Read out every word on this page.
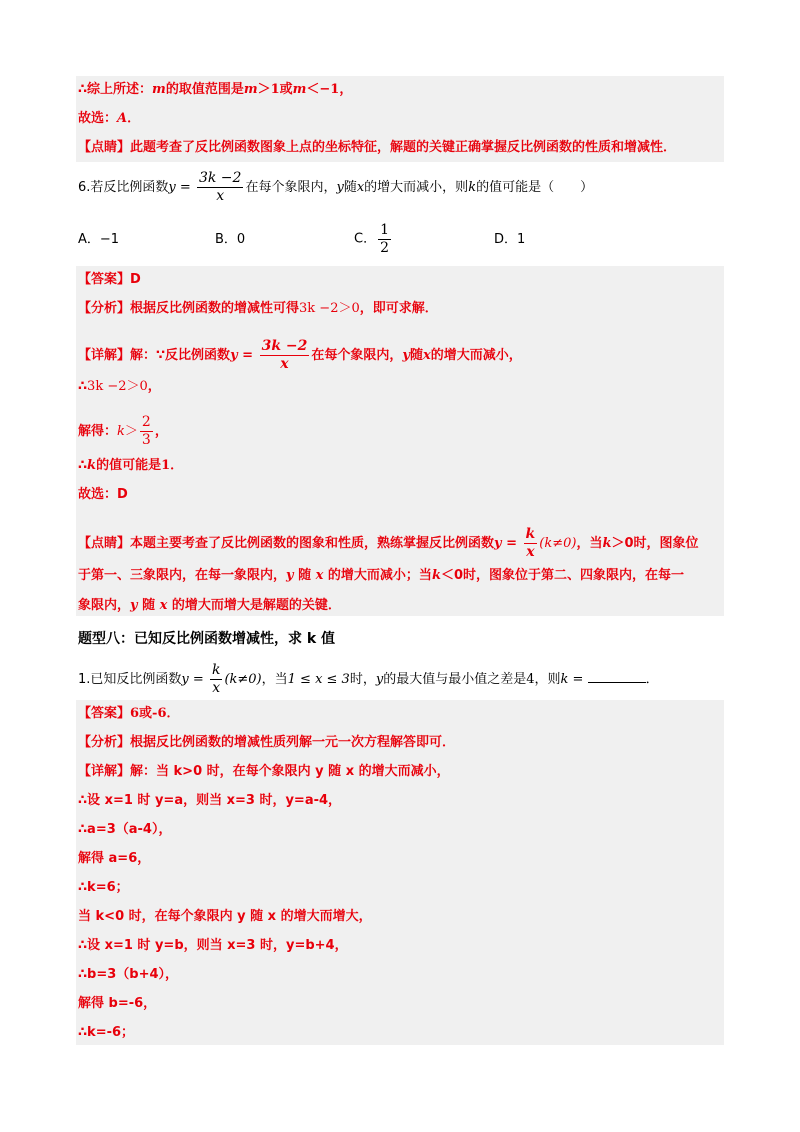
∴综上所述：m的取值范围是m＞1或m＜−1，
故选：A．
【点睛】此题考查了反比例函数图象上点的坐标特征，解题的关键正确掌握反比例函数的性质和增减性．
6.若反比例函数$y = \frac{3k -2}{x}$ 在每个象限内，y随x的增大而减小，则k的值可能是（　　）
A．−1	B．0	C． $\frac{1}{2}$	D．1
【答案】D
【分析】根据反比例函数的增减性可得3k −2＞0，即可求解．
【详解】解：∵反比例函数$y = \frac{3k -2}{x}$ 在每个象限内，y随x的增大而减小，
∴3k −2＞0，
解得：$k> \frac{2}{3}$ ，
∴k的值可能是1．
故选：D
【点睛】本题主要考查了反比例函数的图象和性质，熟练掌握反比例函数$y = \frac{k}{x} (k\ne 0)$，当k＞0时，图象位
于第一、三象限内，在每一象限内，y 随 x 的增大而减小；当k＜0时，图象位于第二、四象限内，在每一
象限内，y 随 x 的增大而增大是解题的关键．
题型八：已知反比例函数增减性，求 k 值
1.已知反比例函数$y = \frac{k}{x} (k\ne 0)$，当1 ≤ x ≤ 3时，y的最大值与最小值之差是4，则k =	．
【答案】6或-6．
【分析】根据反比例函数的增减性质列解一元一次方程解答即可．
【详解】解：当 k>0 时，在每个象限内 y 随 x 的增大而减小，
∴设 x=1 时 y=a，则当 x=3 时，y=a-4，
∴a=3（a-4），
解得 a=6，
∴k=6；
当 k<0 时，在每个象限内 y 随 x 的增大而增大，
∴设 x=1 时 y=b，则当 x=3 时，y=b+4，
∴b=3（b+4），
解得 b=-6，
∴k=-6；
